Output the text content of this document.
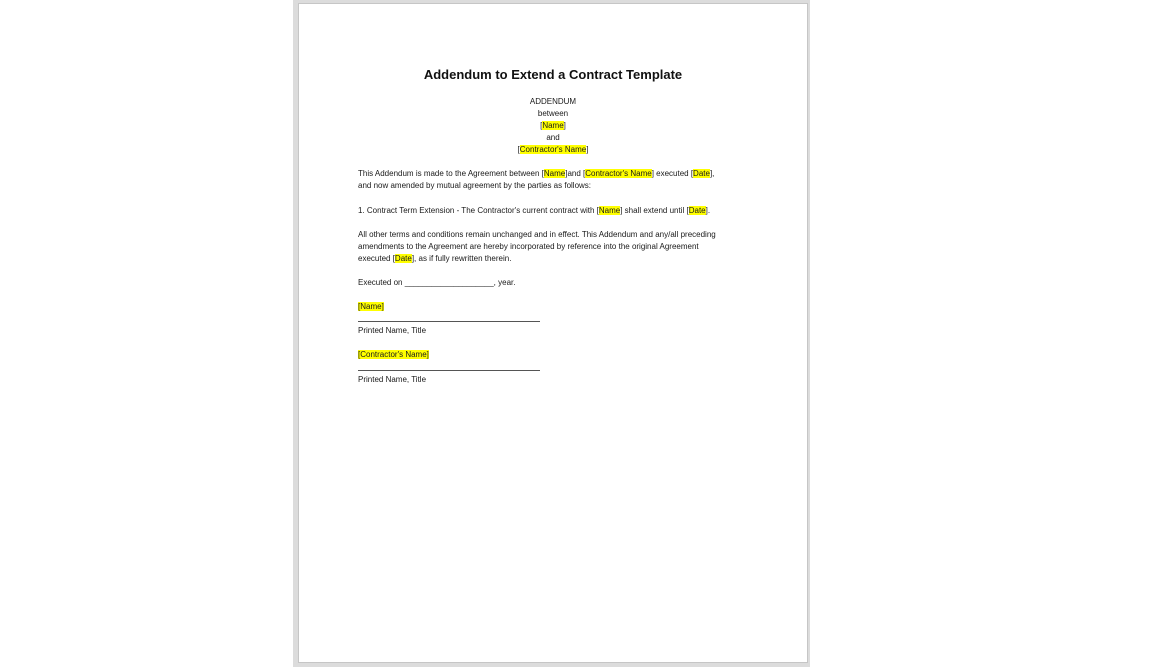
Addendum to Extend a Contract Template
ADDENDUM
between
Name]
and
[Contractor's Name]
This Addendum is made to the Agreement between [Name]and [Contractor's Name] executed [Date],
and now amended by mutual agreement by the parties as follows:
1. Contract Term Extension - The Contractor's current contract with [Name] shall extend until [Date].
All other terms and conditions remain unchanged and in effect. This Addendum and any/all preceding
amendments to the Agreement are hereby incorporated by reference into the original Agreement
executed [Date], as if fully rewritten therein.
Executed on ____________________, year.
[Name]
Printed Name, Title
[Contractor's Name]
Printed Name, Title
